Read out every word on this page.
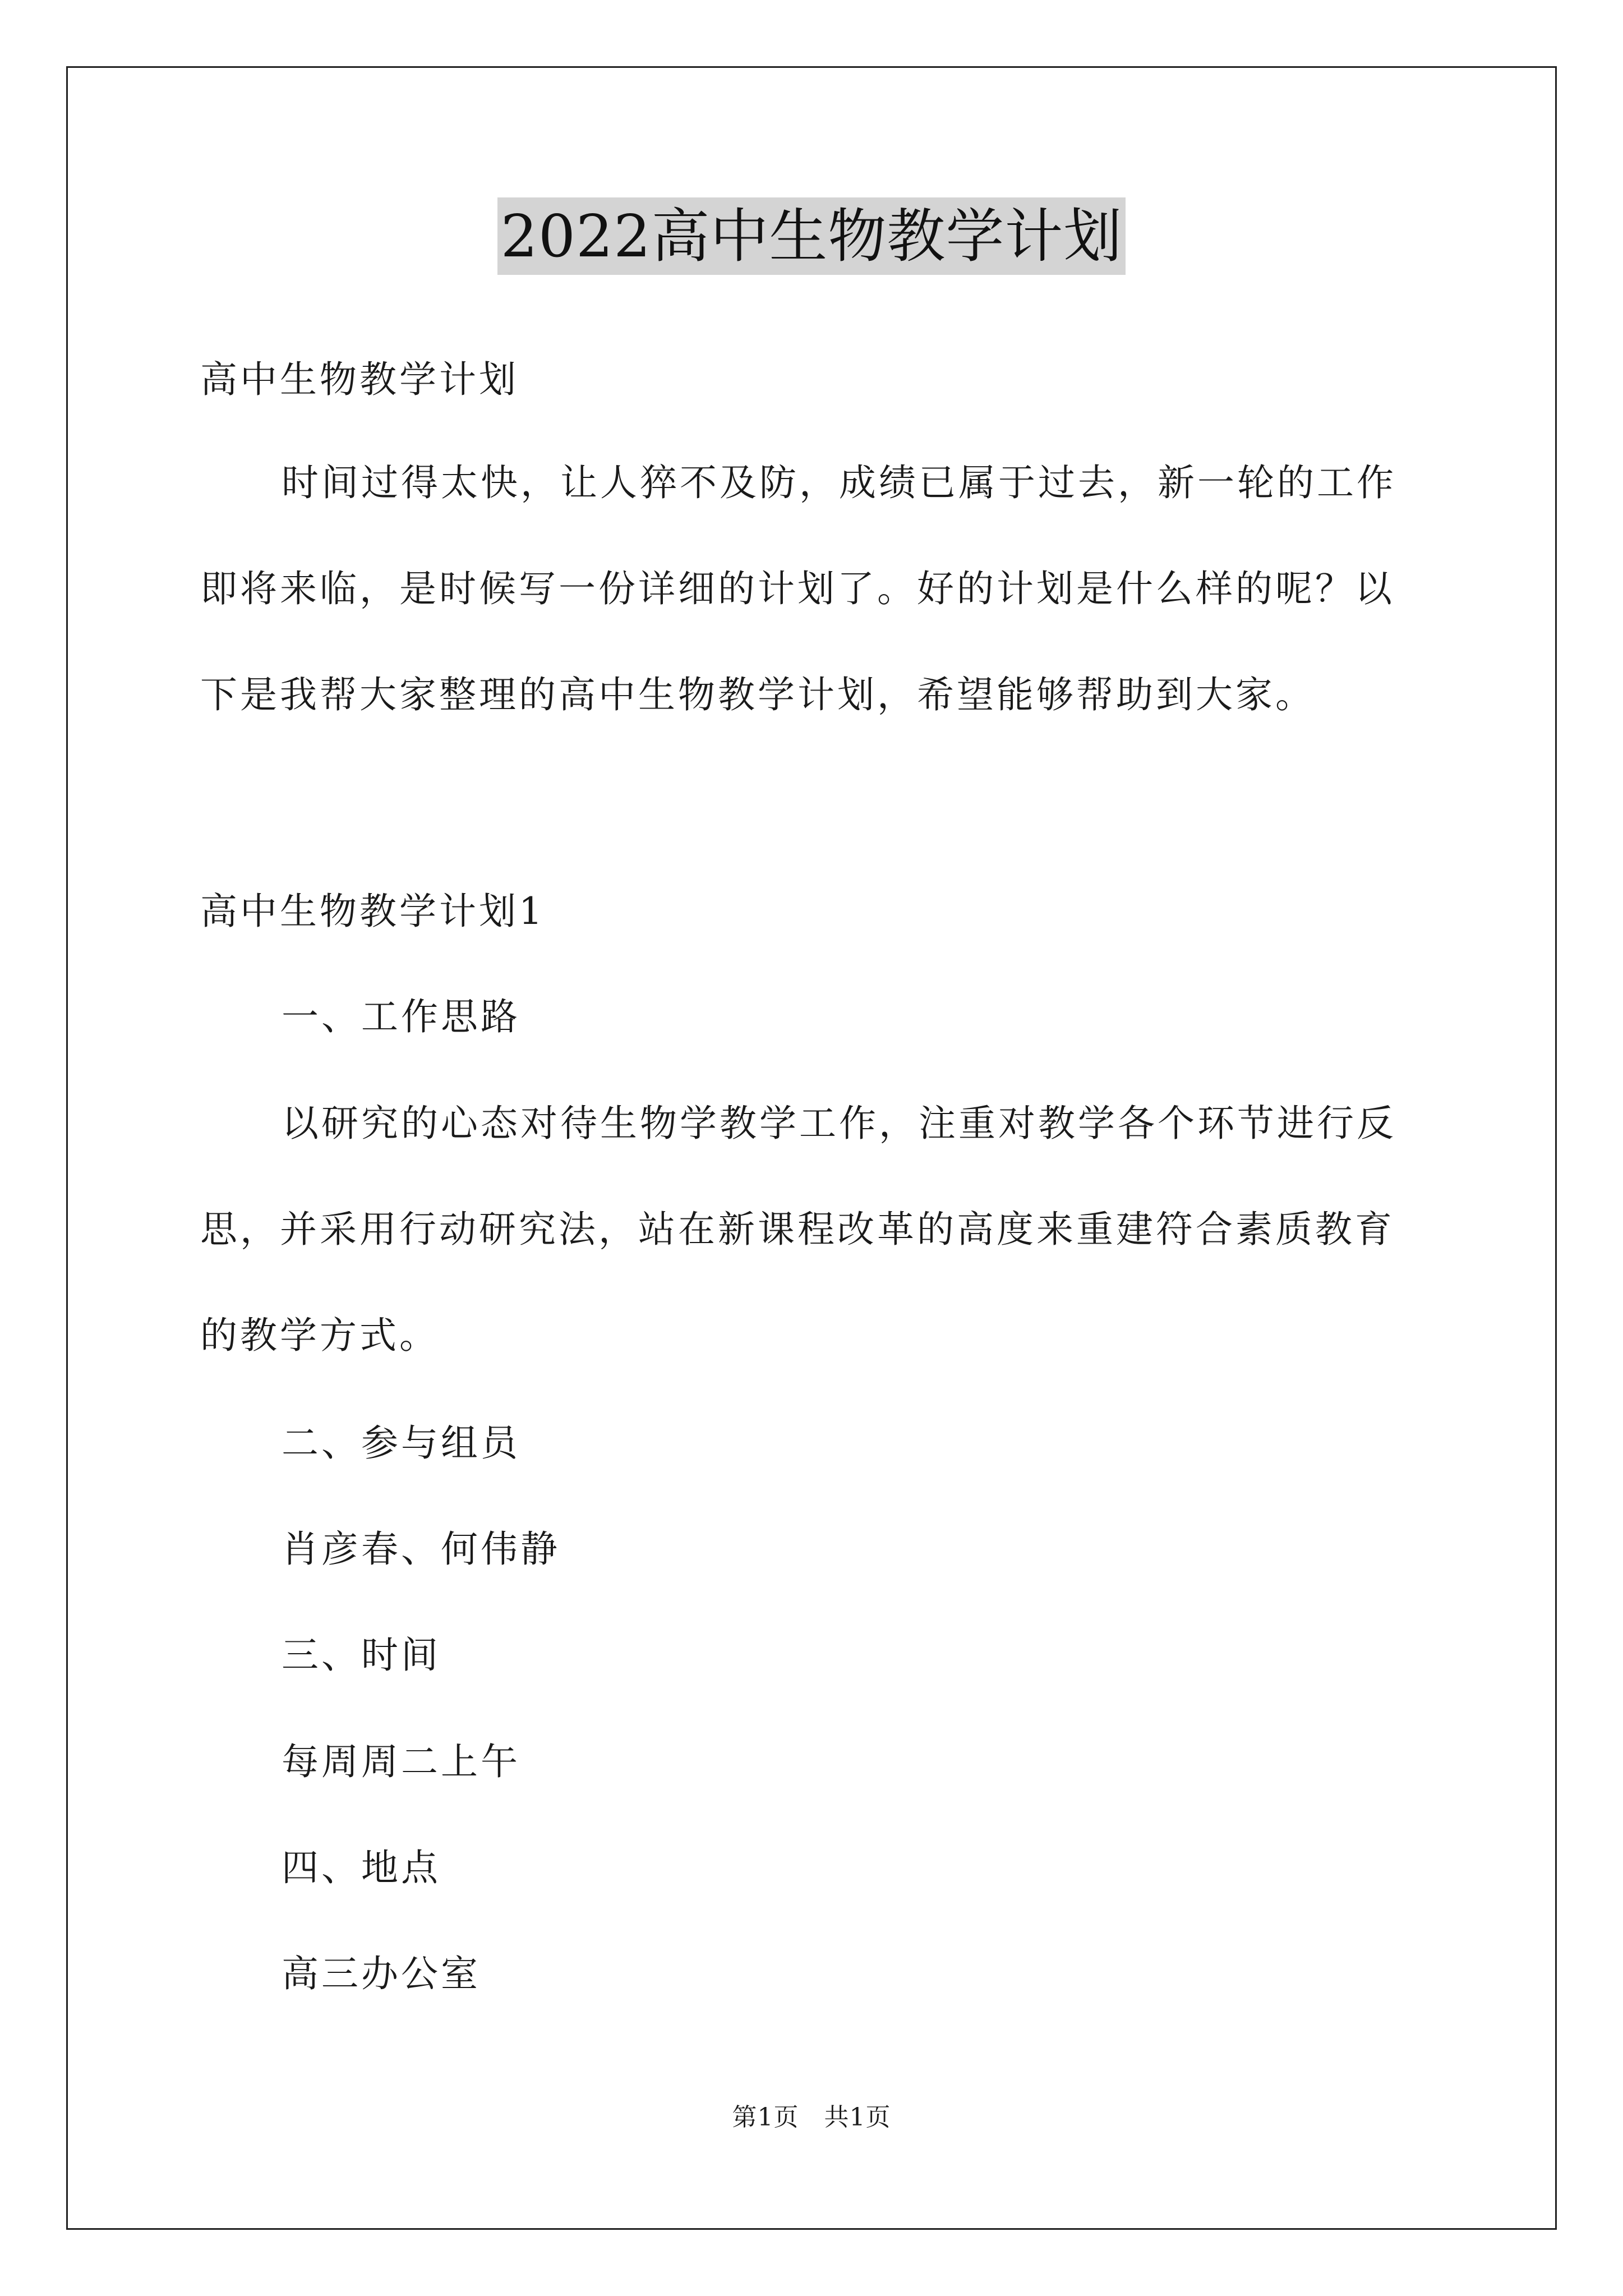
2022高中生物教学计划
高中生物教学计划
时间过得太快，让人猝不及防，成绩已属于过去，新一轮的工作
即将来临，是时候写一份详细的计划了。好的计划是什么样的呢？以
下是我帮大家整理的高中生物教学计划，希望能够帮助到大家。
高中生物教学计划1
一、工作思路
以研究的心态对待生物学教学工作，注重对教学各个环节进行反
思，并采用行动研究法，站在新课程改革的高度来重建符合素质教育
的教学方式。
二、参与组员
肖彦春、何伟静
三、时间
每周周二上午
四、地点
高三办公室
第1页　共1页
